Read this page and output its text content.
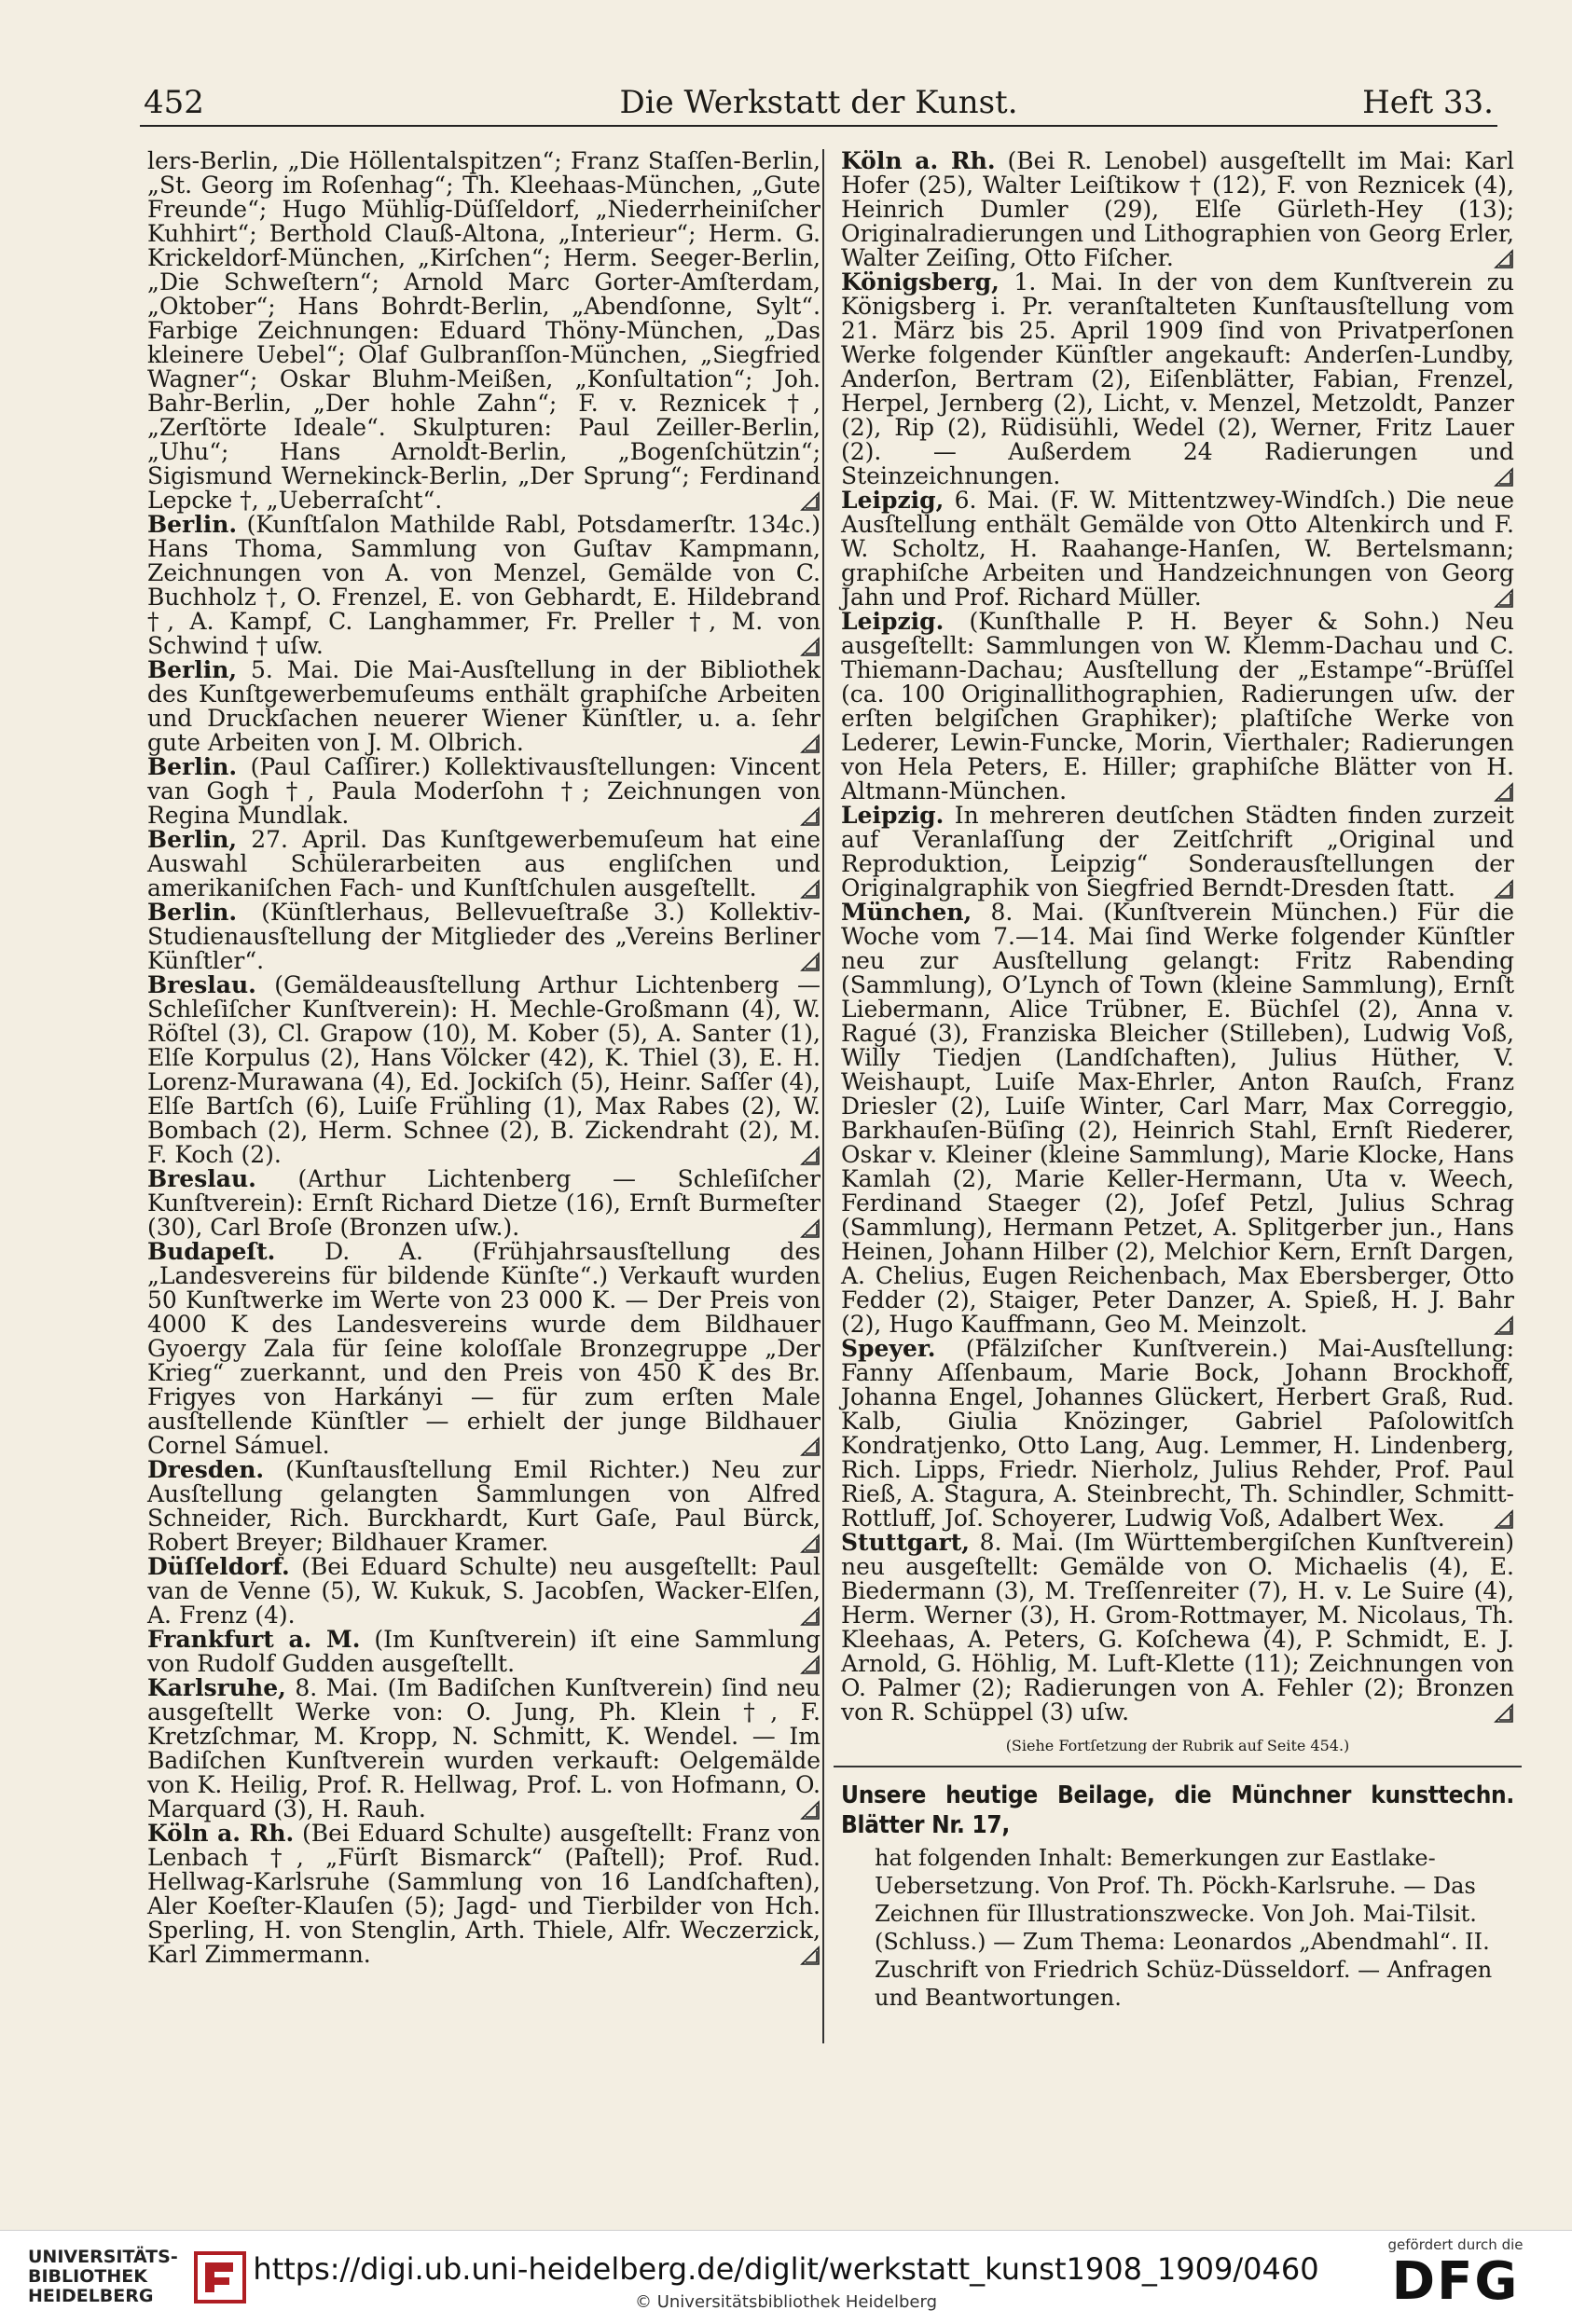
452	Die Werkstatt der Kunst.	Heft 33.

lers-Berlin, „Die Höllentalspitzen“; Franz Staſſen-Berlin, „St. Georg im Roſenhag“; Th. Kleehaas-München, „Gute Freunde“; Hugo Mühlig-Düſſeldorf, „Niederrheiniſcher Kuhhirt“; Berthold Clauß-Altona, „Interieur“; Herm. G. Krickeldorf-München, „Kirſchen“; Herm. Seeger-Berlin, „Die Schweſtern“; Arnold Marc Gorter-Amſterdam, „Oktober“; Hans Bohrdt-Berlin, „Abendſonne, Sylt“. Farbige Zeichnungen: Eduard Thöny-München, „Das kleinere Uebel“; Olaf Gulbranſſon-München, „Siegfried Wagner“; Oskar Bluhm-Meißen, „Konſultation“; Joh. Bahr-Berlin, „Der hohle Zahn“; F. v. Reznicek †, „Zerſtörte Ideale“. Skulpturen: Paul Zeiller-Berlin, „Uhu“; Hans Arnoldt-Berlin, „Bogenſchützin“; Sigismund Wernekinck-Berlin, „Der Sprung“; Ferdinand Lepcke †, „Ueberraſcht“.

Berlin. (Kunſtſalon Mathilde Rabl, Potsdamerſtr. 134c.) Hans Thoma, Sammlung von Guſtav Kampmann, Zeichnungen von A. von Menzel, Gemälde von C. Buchholz †, O. Frenzel, E. von Gebhardt, E. Hildebrand †, A. Kampf, C. Langhammer, Fr. Preller †, M. von Schwind † uſw.

Berlin, 5. Mai. Die Mai-Ausſtellung in der Bibliothek des Kunſtgewerbemuſeums enthält graphiſche Arbeiten und Druckſachen neuerer Wiener Künſtler, u. a. ſehr gute Arbeiten von J. M. Olbrich.

Berlin. (Paul Caſſirer.) Kollektivausſtellungen: Vincent van Gogh †, Paula Moderſohn †; Zeichnungen von Regina Mundlak.

Berlin, 27. April. Das Kunſtgewerbemuſeum hat eine Auswahl Schülerarbeiten aus engliſchen und amerikaniſchen Fach- und Kunſtſchulen ausgeſtellt.

Berlin. (Künſtlerhaus, Bellevueſtraße 3.) Kollektiv-Studienausſtellung der Mitglieder des „Vereins Berliner Künſtler“.

Breslau. (Gemäldeausſtellung Arthur Lichtenberg — Schleſiſcher Kunſtverein): H. Mechle-Großmann (4), W. Röſtel (3), Cl. Grapow (10), M. Kober (5), A. Santer (1), Elſe Korpulus (2), Hans Völcker (42), K. Thiel (3), E. H. Lorenz-Murawana (4), Ed. Jockiſch (5), Heinr. Saſſer (4), Elſe Bartſch (6), Luiſe Frühling (1), Max Rabes (2), W. Bombach (2), Herm. Schnee (2), B. Zickendraht (2), M. F. Koch (2).

Breslau. (Arthur Lichtenberg — Schleſiſcher Kunſtverein): Ernſt Richard Dietze (16), Ernſt Burmeſter (30), Carl Broſe (Bronzen uſw.).

Budapeſt. D. A. (Frühjahrsausſtellung des „Landesvereins für bildende Künſte“.) Verkauft wurden 50 Kunſtwerke im Werte von 23 000 K. — Der Preis von 4000 K des Landesvereins wurde dem Bildhauer Gyoergy Zala für ſeine koloſſale Bronzegruppe „Der Krieg“ zuerkannt, und den Preis von 450 K des Br. Frigyes von Harkányi — für zum erſten Male ausſtellende Künſtler — erhielt der junge Bildhauer Cornel Sámuel.

Dresden. (Kunſtausſtellung Emil Richter.) Neu zur Ausſtellung gelangten Sammlungen von Alfred Schneider, Rich. Burckhardt, Kurt Gaſe, Paul Bürck, Robert Breyer; Bildhauer Kramer.

Düſſeldorf. (Bei Eduard Schulte) neu ausgeſtellt: Paul van de Venne (5), W. Kukuk, S. Jacobſen, Wacker-Elſen, A. Frenz (4).

Frankfurt a. M. (Im Kunſtverein) iſt eine Sammlung von Rudolf Gudden ausgeſtellt.

Karlsruhe, 8. Mai. (Im Badiſchen Kunſtverein) ſind neu ausgeſtellt Werke von: O. Jung, Ph. Klein †, F. Kretzſchmar, M. Kropp, N. Schmitt, K. Wendel. — Im Badiſchen Kunſtverein wurden verkauft: Oelgemälde von K. Heilig, Prof. R. Hellwag, Prof. L. von Hofmann, O. Marquard (3), H. Rauh.

Köln a. Rh. (Bei Eduard Schulte) ausgeſtellt: Franz von Lenbach †, „Fürſt Bismarck“ (Paſtell); Prof. Rud. Hellwag-Karlsruhe (Sammlung von 16 Landſchaften), Aler Koeſter-Klauſen (5); Jagd- und Tierbilder von Hch. Sperling, H. von Stenglin, Arth. Thiele, Alfr. Weczerzick, Karl Zimmermann.

Köln a. Rh. (Bei R. Lenobel) ausgeſtellt im Mai: Karl Hofer (25), Walter Leiſtikow † (12), F. von Reznicek (4), Heinrich Dumler (29), Elſe Gürleth-Hey (13); Originalradierungen und Lithographien von Georg Erler, Walter Zeiſing, Otto Fiſcher.

Königsberg, 1. Mai. In der von dem Kunſtverein zu Königsberg i. Pr. veranſtalteten Kunſtausſtellung vom 21. März bis 25. April 1909 ſind von Privatperſonen Werke folgender Künſtler angekauft: Anderſen-Lundby, Anderſon, Bertram (2), Eiſenblätter, Fabian, Frenzel, Herpel, Jernberg (2), Licht, v. Menzel, Metzoldt, Panzer (2), Rip (2), Rüdisühli, Wedel (2), Werner, Fritz Lauer (2). — Außerdem 24 Radierungen und Steinzeichnungen.

Leipzig, 6. Mai. (F. W. Mittentzwey-Windſch.) Die neue Ausſtellung enthält Gemälde von Otto Altenkirch und F. W. Scholtz, H. Raahange-Hanſen, W. Bertelsmann; graphiſche Arbeiten und Handzeichnungen von Georg Jahn und Prof. Richard Müller.

Leipzig. (Kunſthalle P. H. Beyer & Sohn.) Neu ausgeſtellt: Sammlungen von W. Klemm-Dachau und C. Thiemann-Dachau; Ausſtellung der „Estampe“-Brüſſel (ca. 100 Originallithographien, Radierungen uſw. der erſten belgiſchen Graphiker); plaſtiſche Werke von Lederer, Lewin-Funcke, Morin, Vierthaler; Radierungen von Hela Peters, E. Hiller; graphiſche Blätter von H. Altmann-München.

Leipzig. In mehreren deutſchen Städten finden zurzeit auf Veranlaſſung der Zeitſchrift „Original und Reproduktion, Leipzig“ Sonderausſtellungen der Originalgraphik von Siegfried Berndt-Dresden ſtatt.

München, 8. Mai. (Kunſtverein München.) Für die Woche vom 7.—14. Mai ſind Werke folgender Künſtler neu zur Ausſtellung gelangt: Fritz Rabending (Sammlung), O’Lynch of Town (kleine Sammlung), Ernſt Liebermann, Alice Trübner, E. Büchſel (2), Anna v. Ragué (3), Franziska Bleicher (Stilleben), Ludwig Voß, Willy Tiedjen (Landſchaften), Julius Hüther, V. Weishaupt, Luiſe Max-Ehrler, Anton Rauſch, Franz Driesler (2), Luiſe Winter, Carl Marr, Max Correggio, Barkhauſen-Büſing (2), Heinrich Stahl, Ernſt Riederer, Oskar v. Kleiner (kleine Sammlung), Marie Klocke, Hans Kamlah (2), Marie Keller-Hermann, Uta v. Weech, Ferdinand Staeger (2), Joſef Petzl, Julius Schrag (Sammlung), Hermann Petzet, A. Splitgerber jun., Hans Heinen, Johann Hilber (2), Melchior Kern, Ernſt Dargen, A. Chelius, Eugen Reichenbach, Max Ebersberger, Otto Fedder (2), Staiger, Peter Danzer, A. Spieß, H. J. Bahr (2), Hugo Kauffmann, Geo M. Meinzolt.

Speyer. (Pfälziſcher Kunſtverein.) Mai-Ausſtellung: Fanny Aſſenbaum, Marie Bock, Johann Brockhoff, Johanna Engel, Johannes Glückert, Herbert Graß, Rud. Kalb, Giulia Knözinger, Gabriel Paſolowitſch Kondratjenko, Otto Lang, Aug. Lemmer, H. Lindenberg, Rich. Lipps, Friedr. Nierholz, Julius Rehder, Prof. Paul Rieß, A. Stagura, A. Steinbrecht, Th. Schindler, Schmitt-Rottluff, Joſ. Schoyerer, Ludwig Voß, Adalbert Wex.

Stuttgart, 8. Mai. (Im Württembergiſchen Kunſtverein) neu ausgeſtellt: Gemälde von O. Michaelis (4), E. Biedermann (3), M. Treſſenreiter (7), H. v. Le Suire (4), Herm. Werner (3), H. Grom-Rottmayer, M. Nicolaus, Th. Kleehaas, A. Peters, G. Koſchewa (4), P. Schmidt, E. J. Arnold, G. Höhlig, M. Luft-Klette (11); Zeichnungen von O. Palmer (2); Radierungen von A. Fehler (2); Bronzen von R. Schüppel (3) uſw.

(Siehe Fortſetzung der Rubrik auf Seite 454.)
Unsere heutige Beilage, die Münchner kunsttechn. Blätter Nr. 17,
hat folgenden Inhalt: Bemerkungen zur Eastlake-Uebersetzung. Von Prof. Th. Pöckh-Karlsruhe. — Das Zeichnen für Illustrationszwecke. Von Joh. Mai-Tilsit. (Schluss.) — Zum Thema: Leonardos „Abendmahl“. II. Zuschrift von Friedrich Schüz-Düsseldorf. — Anfragen und Beantwortungen.
UNIVERSITÄTS-
BIBLIOTHEK
HEIDELBERG
https://digi.ub.uni-heidelberg.de/diglit/werkstatt_kunst1908_1909/0460
© Universitätsbibliothek Heidelberg
gefördert durch die
DFG
